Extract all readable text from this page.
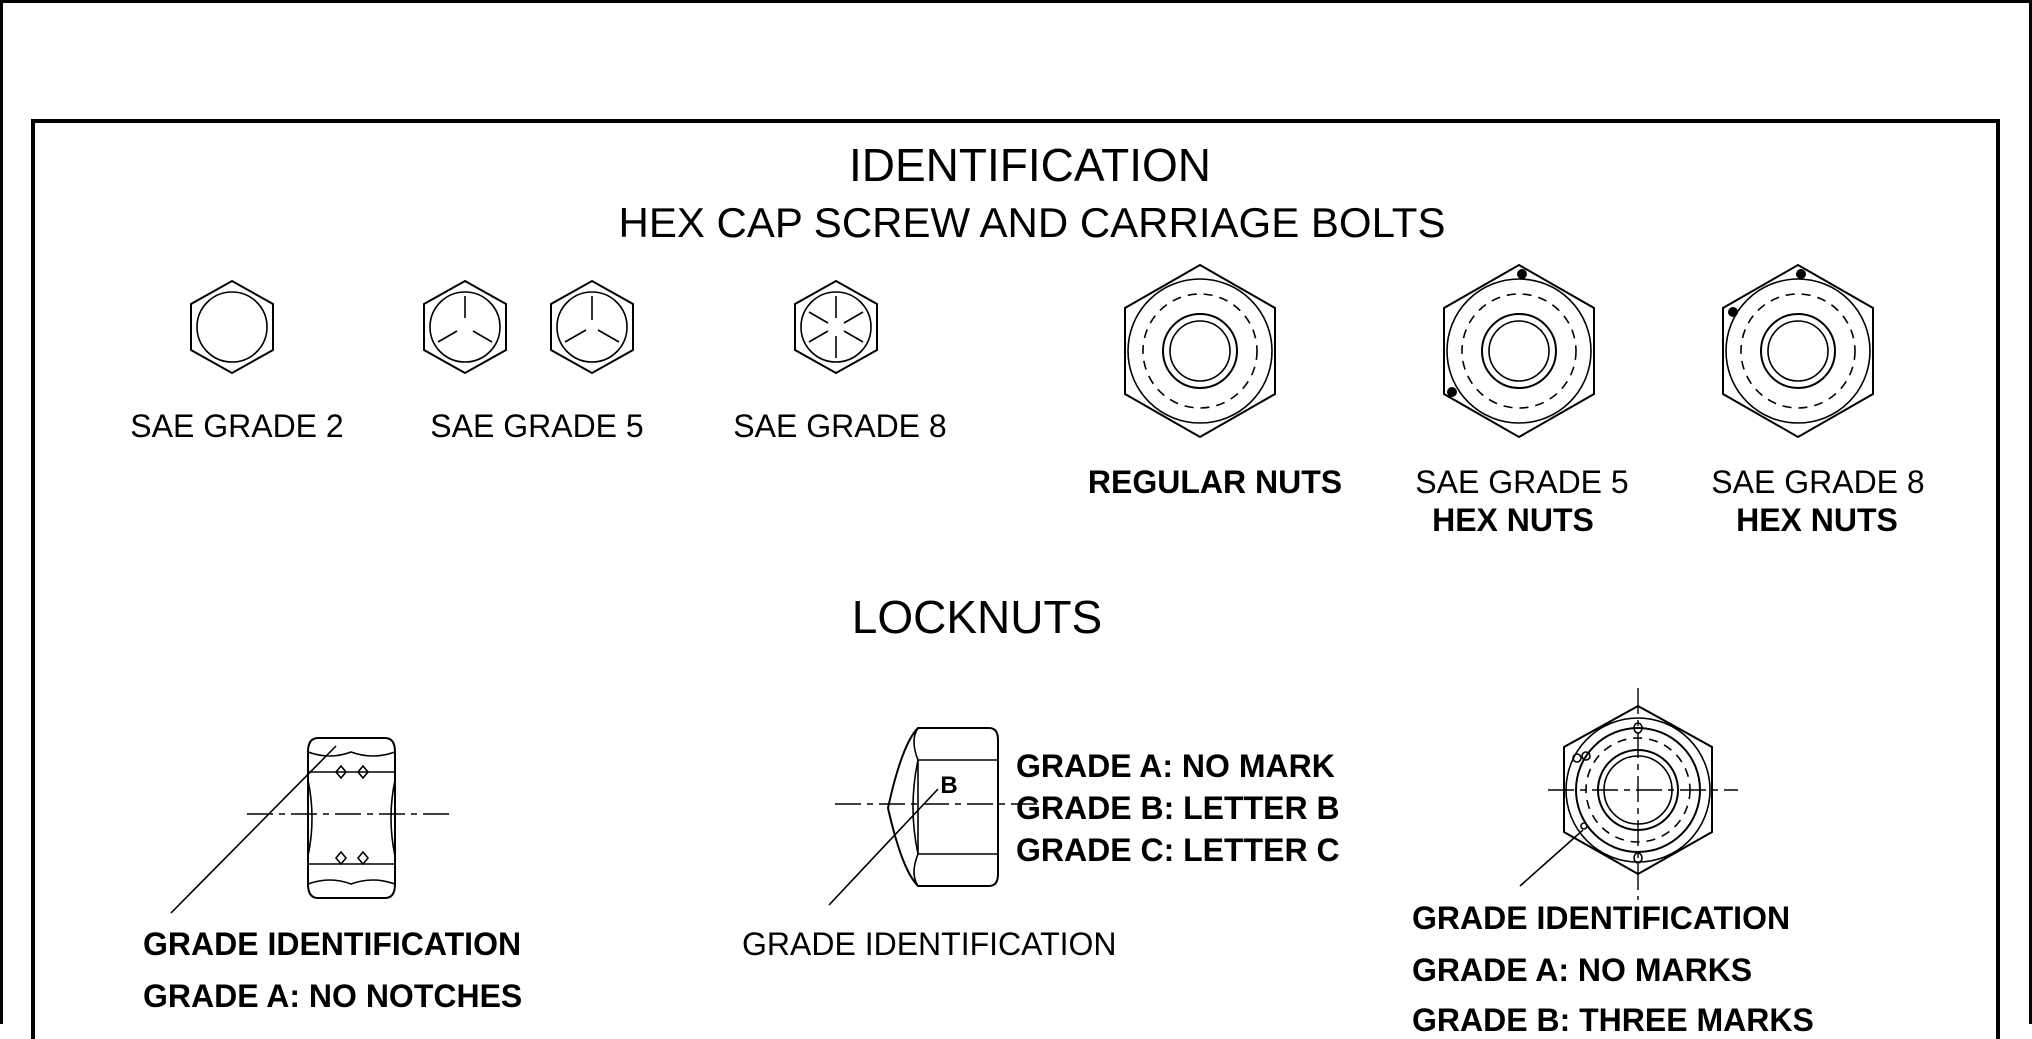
IDENTIFICATION
HEX CAP SCREW AND CARRIAGE BOLTS
SAE GRADE 2	SAE GRADE 5	SAE GRADE 8
REGULAR NUTS SAE GRADE 5
HEX NUTS
SAE GRADE 8
HEX NUTS
LOCKNUTS
GRADE IDENTIFICATION
GRADE A: NO NOTCHES
GRADE A: NO MARK
GRADE B: LETTER B
GRADE C: LETTER C
GRADE IDENTIFICATION
GRADE IDENTIFICATION
GRADE A: NO MARKS
GRADE B: THREE MARKS
B
